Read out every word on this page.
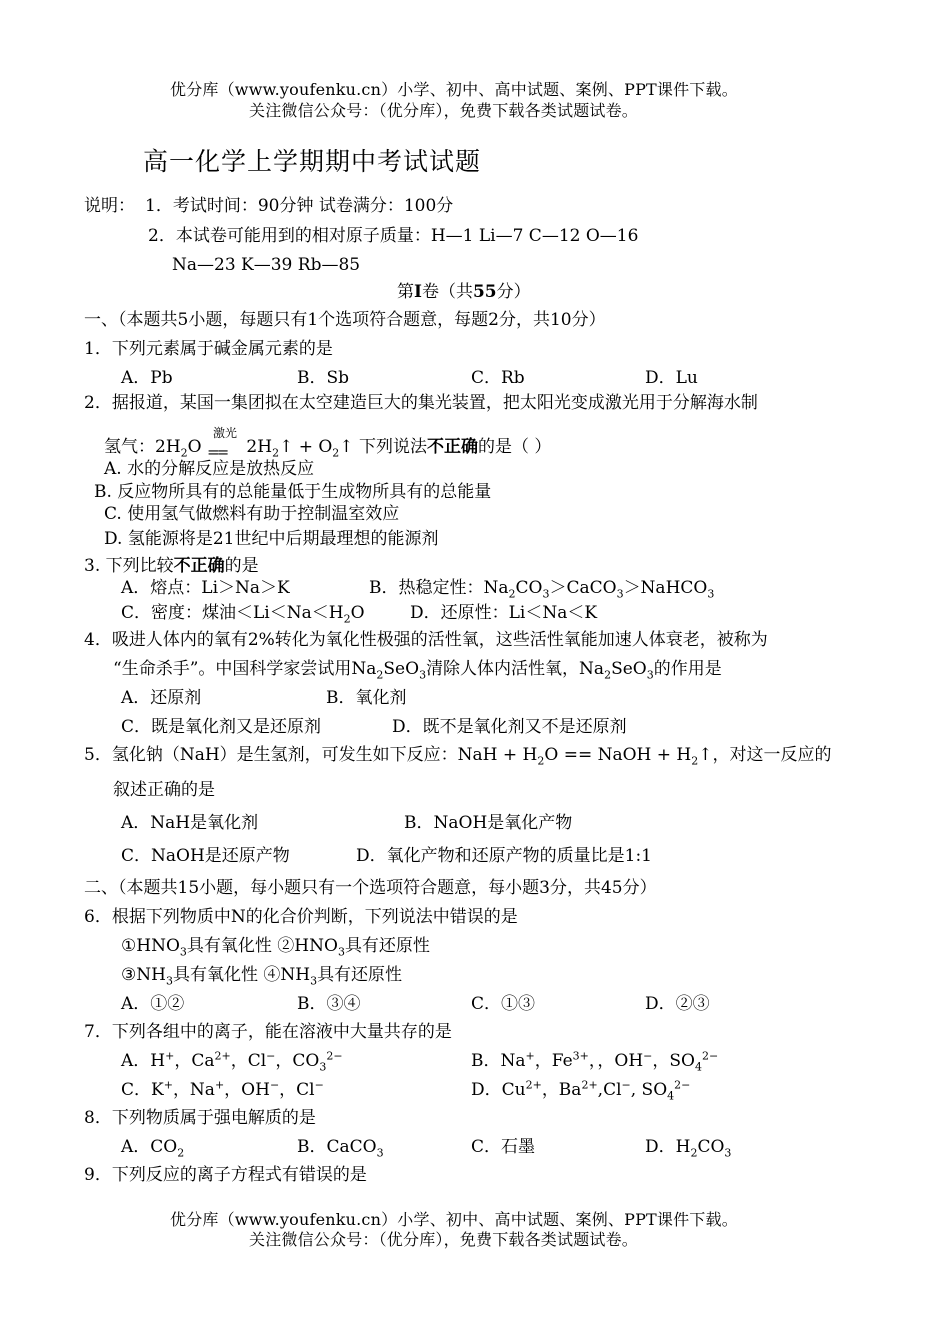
优分库（www.youfenku.cn）小学、初中、高中试题、案例、PPT课件下载。
关注微信公众号：（优分库），免费下载各类试题试卷。
高一化学上学期期中考试试题
说明： 1．考试时间：90分钟 试卷满分：100分
2．本试卷可能用到的相对原子质量：H—1 Li—7 C—12 O—16
Na—23 K—39 Rb—85
第I卷（共55分）
一、（本题共5小题，每题只有1个选项符合题意，每题2分，共10分）
1．下列元素属于碱金属元素的是
A．Pb	B．Sb	C．Rb	D．Lu
2．据报道，某国一集团拟在太空建造巨大的集光装置，把太阳光变成激光用于分解海水制
氢气：$2H_2O$
激光
== $2H_2↑$ + $O_2↑$ 下列说法不正确的是（ ）
A. 水的分解反应是放热反应
B. 反应物所具有的总能量低于生成物所具有的总能量
C. 使用氢气做燃料有助于控制温室效应
D. 氢能源将是21世纪中后期最理想的能源剂
3. 下列比较不正确的是
A．熔点：Li＞Na＞K	B．热稳定性：$Na_2CO_3>CaCO_3>NaHCO_3$
C．密度：煤油$<Li<Na<H_2O$	D．还原性：Li＜Na＜K
4．吸进人体内的氧有2%转化为氧化性极强的活性氧，这些活性氧能加速人体衰老，被称为
“生命杀手”。中国科学家尝试用$Na_2SeO_3$清除人体内活性氧，$Na_2SeO_3$的作用是
A．还原剂	B．氧化剂
C．既是氧化剂又是还原剂	D．既不是氧化剂又不是还原剂
5．氢化钠（NaH）是生氢剂，可发生如下反应：NaH + $H_2O$ == NaOH + $H_2↑$，对这一反应的
叙述正确的是
A．NaH是氧化剂	B．NaOH是氧化产物
C．NaOH是还原产物	D．氧化产物和还原产物的质量比是1:1
二、（本题共15小题，每小题只有一个选项符合题意，每小题3分，共45分）
6．根据下列物质中N的化合价判断，下列说法中错误的是
$①HNO_3$具有氧化性 $②HNO_3$具有还原性
$③NH_3$具有氧化性 $④NH_3$具有还原性
A．①②	B．③④	C．①③	D．②③
7．下列各组中的离子，能在溶液中大量共存的是
A．H+，$Ca^{2+}$，Cl−，$CO_3^{2-}$	B．Na+，$Fe^{3+}$，，OH−，$SO_4^{2-}$
C．K+，Na+，OH−，Cl−	D．$Cu^{2+}$，$Ba^{2+},Cl^-$, $SO_4^{2-}$
8．下列物质属于强电解质的是
A．$CO_2$	B．CaCO$_3$	C．石墨	D．$H_2CO_3$
9．下列反应的离子方程式有错误的是
优分库（www.youfenku.cn）小学、初中、高中试题、案例、PPT课件下载。
关注微信公众号：（优分库），免费下载各类试题试卷。
